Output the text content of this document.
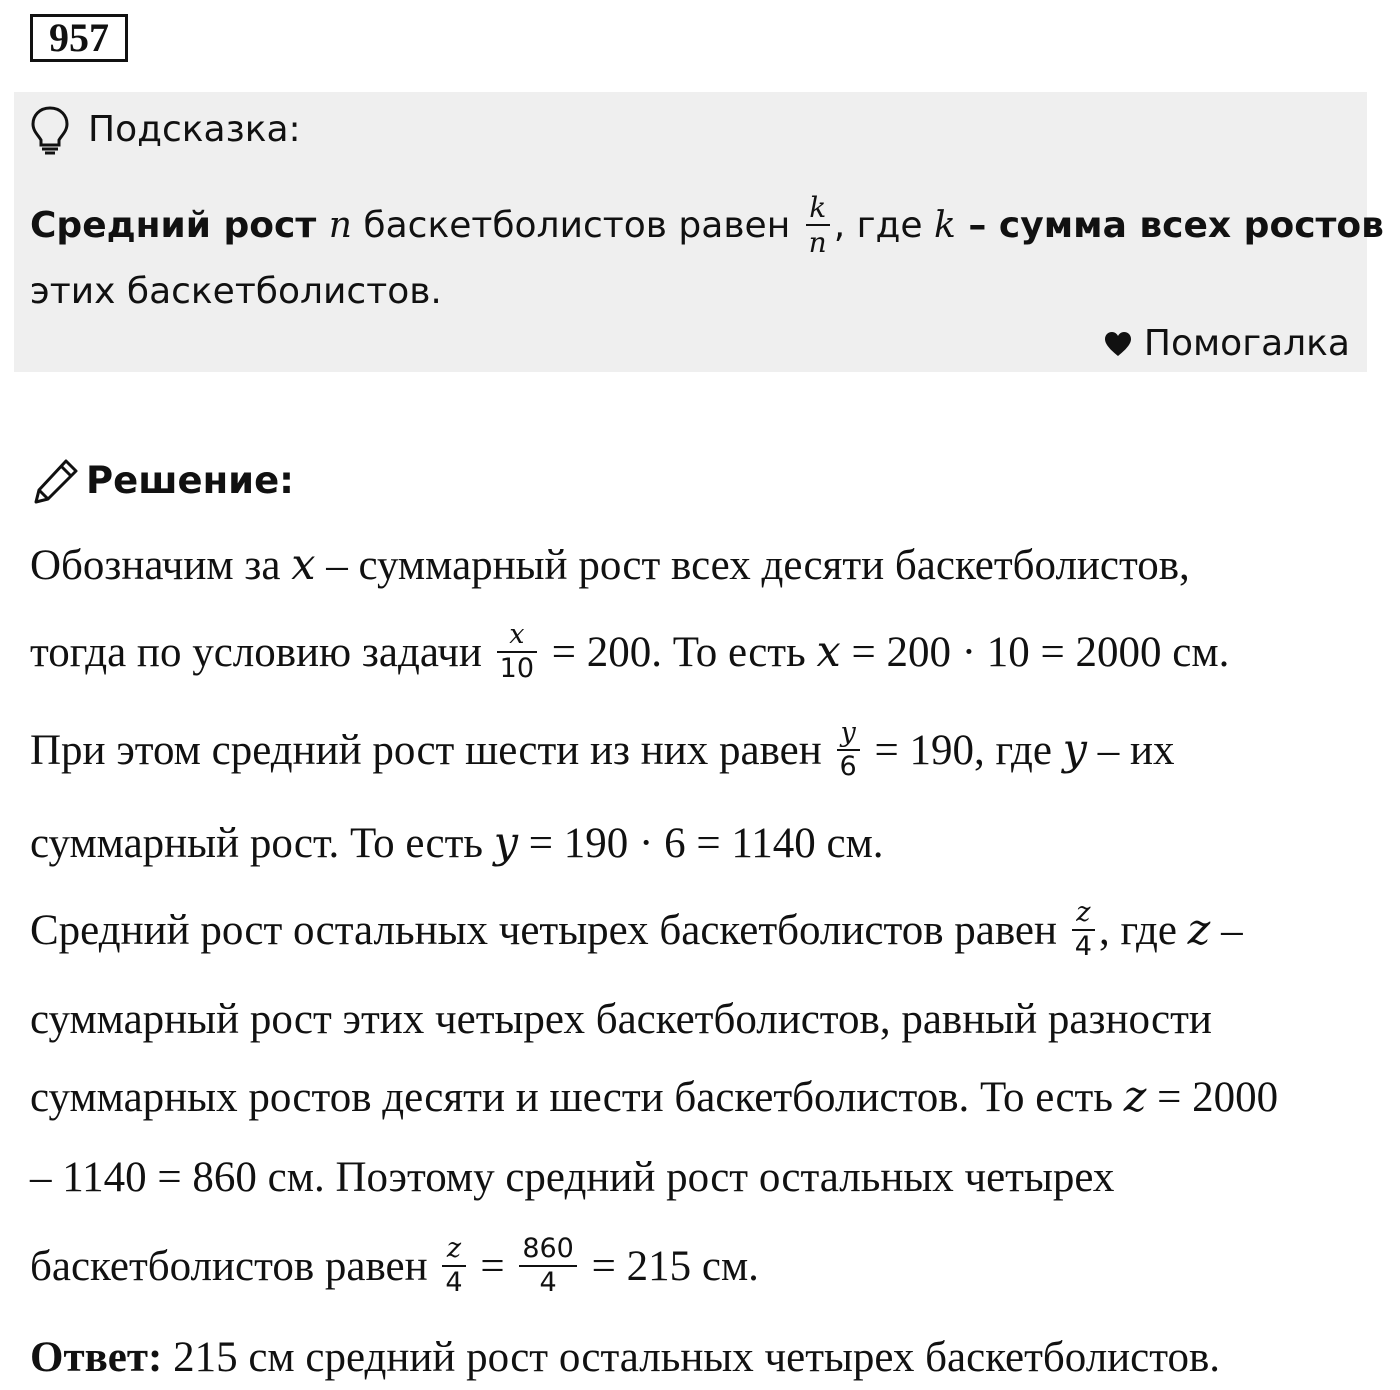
957
Подсказка:
Средний рост n баскетболистов равен $\frac{k}{n}$ , где k – сумма всех ростов
этих баскетболистов.
Помогалка
Решение:
Обозначим за x – суммарный рост всех десяти баскетболистов,
тогда по условию задачи $\frac{x}{10} = 200$. То есть x = 200 · 10 = 2000 см.
При этом средний рост шести из них равен $\frac{y}{6} = 190$, где y – их
суммарный рост. То есть y = 190 · 6 = 1140 см.
Средний рост остальных четырех баскетболистов равен $\frac{z}{4}$ , где z –
суммарный рост этих четырех баскетболистов, равный разности
суммарных ростов десяти и шести баскетболистов. То есть z = 2000
– 1140 = 860 см. Поэтому средний рост остальных четырех
баскетболистов равен $\frac{z}{4} = \frac{860}{4} = 215$ см.
Ответ: 215 см средний рост остальных четырех баскетболистов.
